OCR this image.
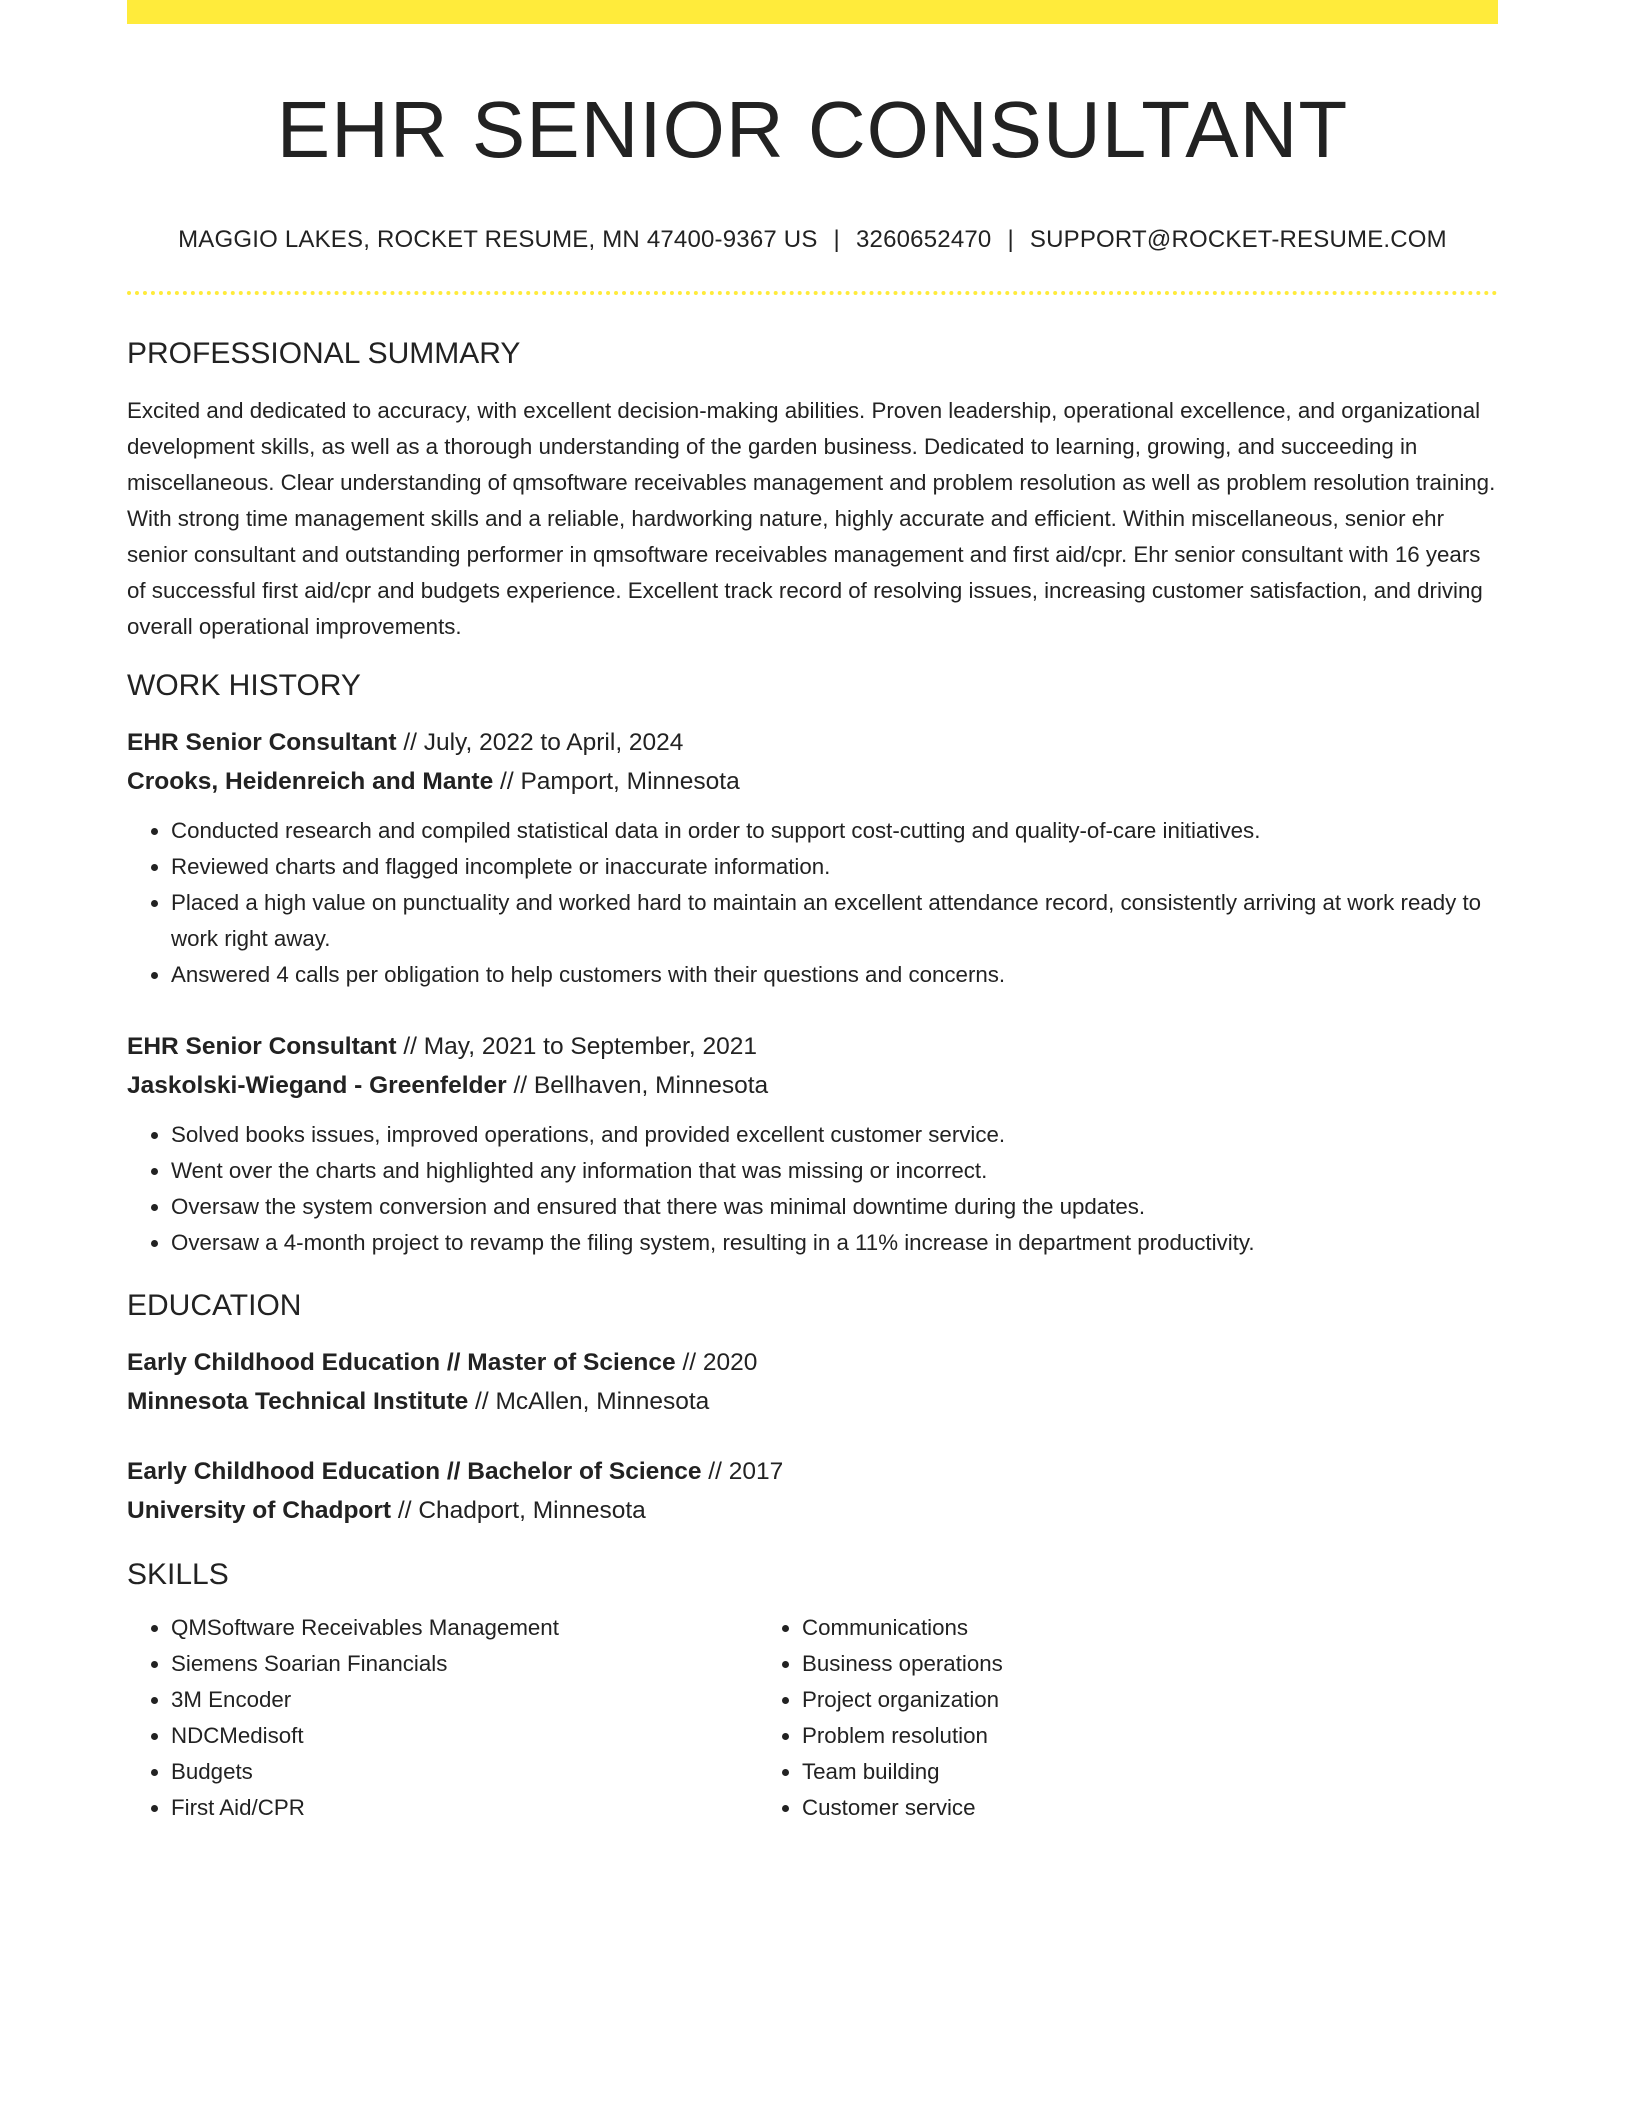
EHR SENIOR CONSULTANT
MAGGIO LAKES, ROCKET RESUME, MN 47400-9367 US | 3260652470 | SUPPORT@ROCKET-RESUME.COM
PROFESSIONAL SUMMARY

Excited and dedicated to accuracy, with excellent decision-making abilities. Proven leadership, operational excellence, and organizational development skills, as well as a thorough understanding of the garden business. Dedicated to learning, growing, and succeeding in miscellaneous. Clear understanding of qmsoftware receivables management and problem resolution as well as problem resolution training. With strong time management skills and a reliable, hardworking nature, highly accurate and efficient. Within miscellaneous, senior ehr senior consultant and outstanding performer in qmsoftware receivables management and first aid/cpr. Ehr senior consultant with 16 years of successful first aid/cpr and budgets experience. Excellent track record of resolving issues, increasing customer satisfaction, and driving overall operational improvements.

WORK HISTORY
EHR Senior Consultant // July, 2022 to April, 2024
Crooks, Heidenreich and Mante // Pamport, Minnesota
• Conducted research and compiled statistical data in order to support cost-cutting and quality-of-care initiatives.
• Reviewed charts and flagged incomplete or inaccurate information.
• Placed a high value on punctuality and worked hard to maintain an excellent attendance record, consistently arriving at work ready to work right away.
• Answered 4 calls per obligation to help customers with their questions and concerns.
EHR Senior Consultant // May, 2021 to September, 2021
Jaskolski-Wiegand - Greenfelder // Bellhaven, Minnesota
• Solved books issues, improved operations, and provided excellent customer service.
• Went over the charts and highlighted any information that was missing or incorrect.
• Oversaw the system conversion and ensured that there was minimal downtime during the updates.
• Oversaw a 4-month project to revamp the filing system, resulting in a 11% increase in department productivity.
EDUCATION
Early Childhood Education // Master of Science // 2020
Minnesota Technical Institute // McAllen, Minnesota
Early Childhood Education // Bachelor of Science // 2017
University of Chadport // Chadport, Minnesota
SKILLS
• QMSoftware Receivables Management
• Siemens Soarian Financials
• 3M Encoder
• NDCMedisoft
• Budgets
• First Aid/CPR
• Communications
• Business operations
• Project organization
• Problem resolution
• Team building
• Customer service
